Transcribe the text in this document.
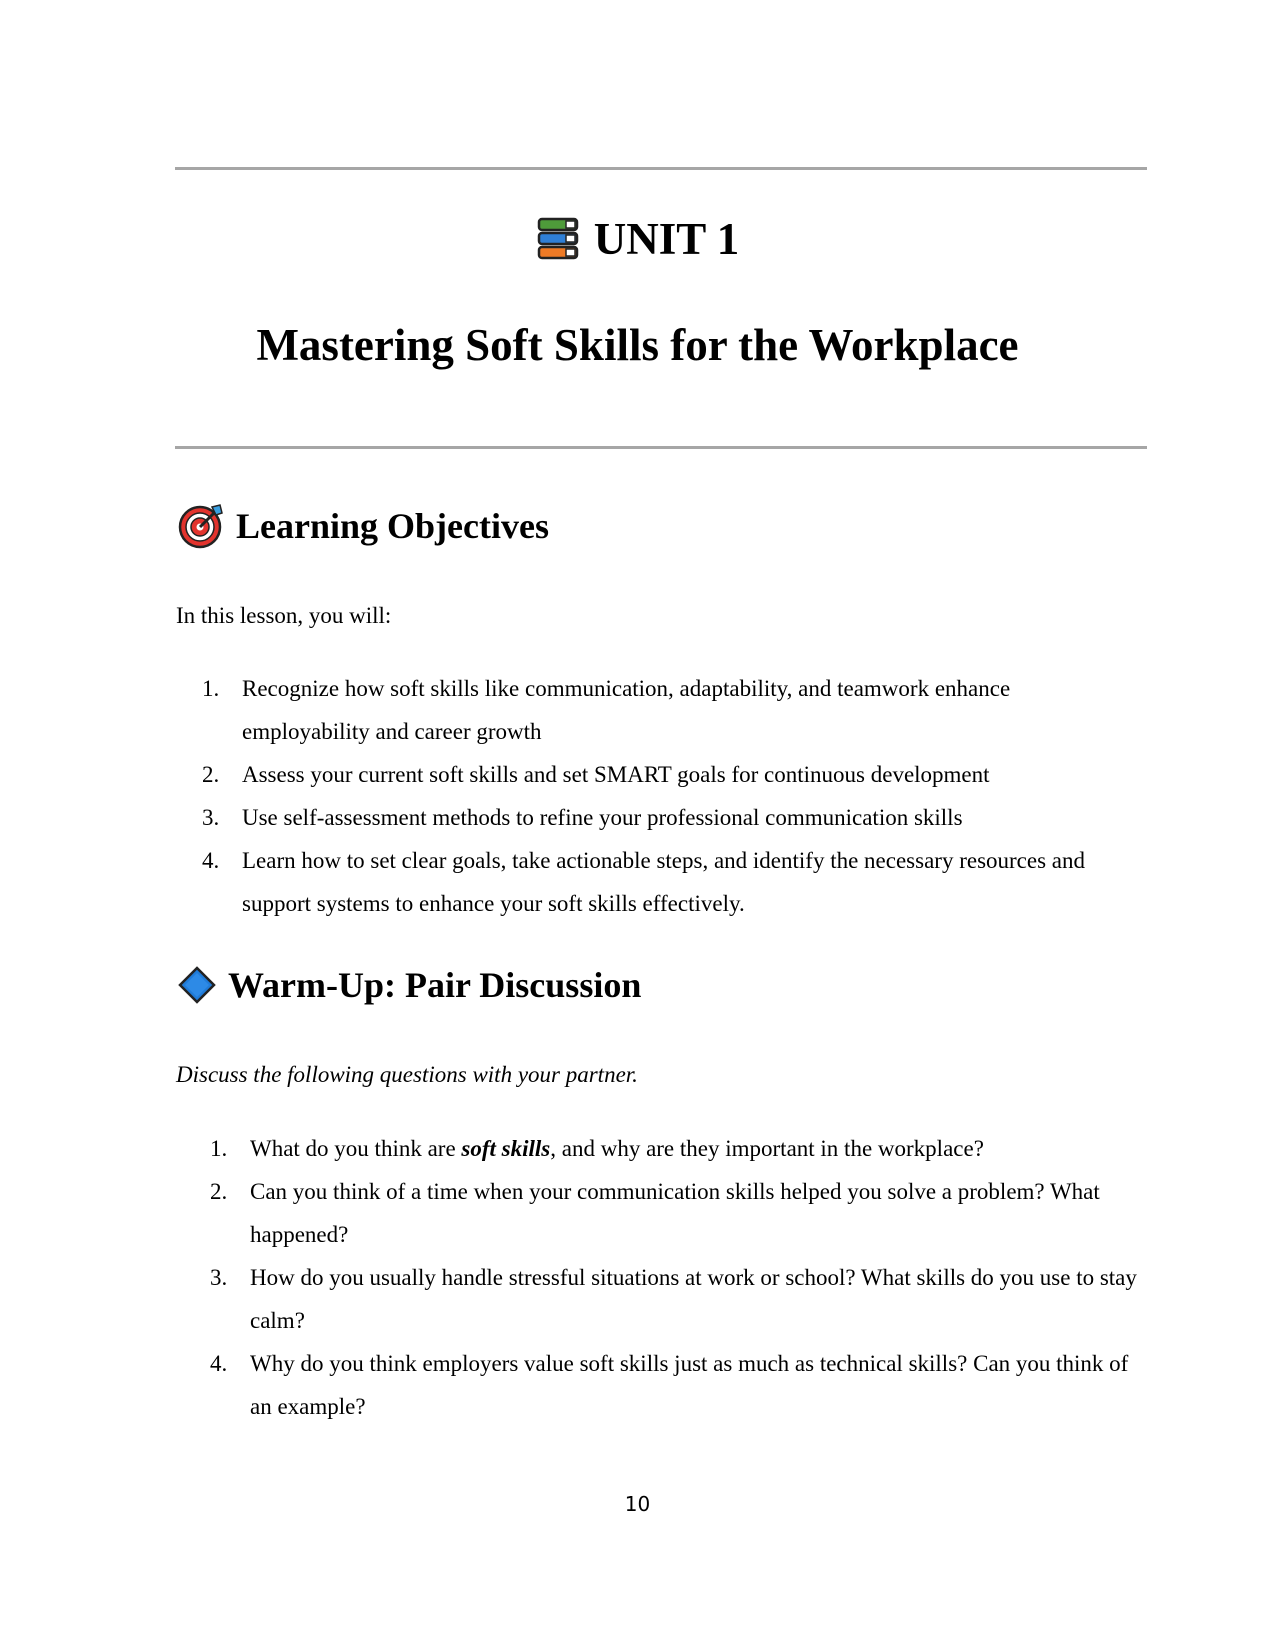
UNIT 1
Mastering Soft Skills for the Workplace
Learning Objectives
In this lesson, you will:
1. Recognize how soft skills like communication, adaptability, and teamwork enhance employability and career growth
2. Assess your current soft skills and set SMART goals for continuous development
3. Use self-assessment methods to refine your professional communication skills
4. Learn how to set clear goals, take actionable steps, and identify the necessary resources and support systems to enhance your soft skills effectively.
Warm-Up: Pair Discussion
Discuss the following questions with your partner.
1. What do you think are soft skills, and why are they important in the workplace?
2. Can you think of a time when your communication skills helped you solve a problem? What happened?
3. How do you usually handle stressful situations at work or school? What skills do you use to stay calm?
4. Why do you think employers value soft skills just as much as technical skills? Can you think of an example?
10
